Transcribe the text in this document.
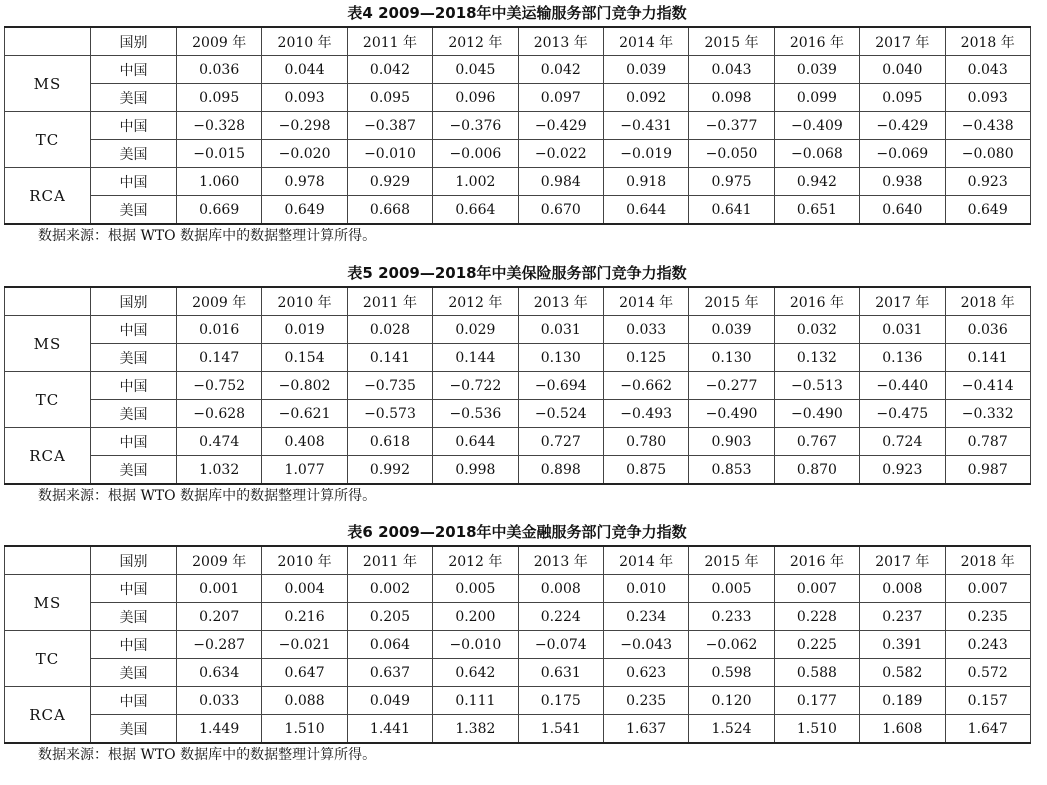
表4 2009—2018年中美运输服务部门竞争力指数
	国别	2009 年	2010 年	2011 年	2012 年	2013 年	2014 年	2015 年	2016 年	2017 年	2018 年
MS	中国	0.036	0.044	0.042	0.045	0.042	0.039	0.043	0.039	0.040	0.043
	美国	0.095	0.093	0.095	0.096	0.097	0.092	0.098	0.099	0.095	0.093
TC	中国	−0.328	−0.298	−0.387	−0.376	−0.429	−0.431	−0.377	−0.409	−0.429	−0.438
	美国	−0.015	−0.020	−0.010	−0.006	−0.022	−0.019	−0.050	−0.068	−0.069	−0.080
RCA	中国	1.060	0.978	0.929	1.002	0.984	0.918	0.975	0.942	0.938	0.923
	美国	0.669	0.649	0.668	0.664	0.670	0.644	0.641	0.651	0.640	0.649
数据来源：根据 WTO 数据库中的数据整理计算所得。
表5 2009—2018年中美保险服务部门竞争力指数
	国别	2009 年	2010 年	2011 年	2012 年	2013 年	2014 年	2015 年	2016 年	2017 年	2018 年
MS	中国	0.016	0.019	0.028	0.029	0.031	0.033	0.039	0.032	0.031	0.036
	美国	0.147	0.154	0.141	0.144	0.130	0.125	0.130	0.132	0.136	0.141
TC	中国	−0.752	−0.802	−0.735	−0.722	−0.694	−0.662	−0.277	−0.513	−0.440	−0.414
	美国	−0.628	−0.621	−0.573	−0.536	−0.524	−0.493	−0.490	−0.490	−0.475	−0.332
RCA	中国	0.474	0.408	0.618	0.644	0.727	0.780	0.903	0.767	0.724	0.787
	美国	1.032	1.077	0.992	0.998	0.898	0.875	0.853	0.870	0.923	0.987
数据来源：根据 WTO 数据库中的数据整理计算所得。
表6 2009—2018年中美金融服务部门竞争力指数
	国别	2009 年	2010 年	2011 年	2012 年	2013 年	2014 年	2015 年	2016 年	2017 年	2018 年
MS	中国	0.001	0.004	0.002	0.005	0.008	0.010	0.005	0.007	0.008	0.007
	美国	0.207	0.216	0.205	0.200	0.224	0.234	0.233	0.228	0.237	0.235
TC	中国	−0.287	−0.021	0.064	−0.010	−0.074	−0.043	−0.062	0.225	0.391	0.243
	美国	0.634	0.647	0.637	0.642	0.631	0.623	0.598	0.588	0.582	0.572
RCA	中国	0.033	0.088	0.049	0.111	0.175	0.235	0.120	0.177	0.189	0.157
	美国	1.449	1.510	1.441	1.382	1.541	1.637	1.524	1.510	1.608	1.647
数据来源：根据 WTO 数据库中的数据整理计算所得。
